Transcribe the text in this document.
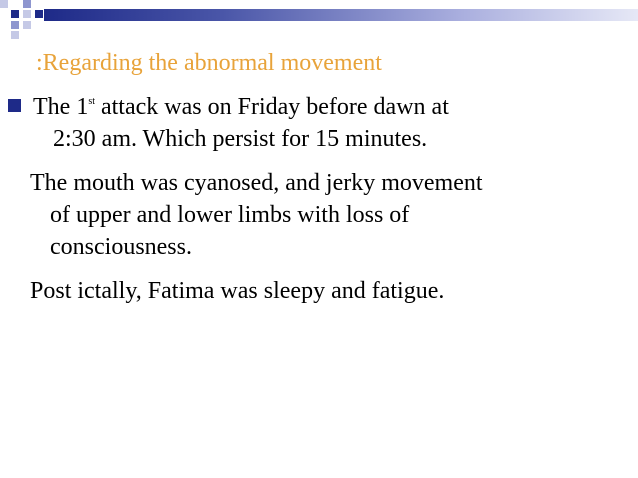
:Regarding the abnormal movement
The 1st attack was on Friday before dawn at
2:30 am. Which persist for 15 minutes.
The mouth was cyanosed, and jerky movement
of upper and lower limbs with loss of
consciousness.
Post ictally, Fatima was sleepy and fatigue.
